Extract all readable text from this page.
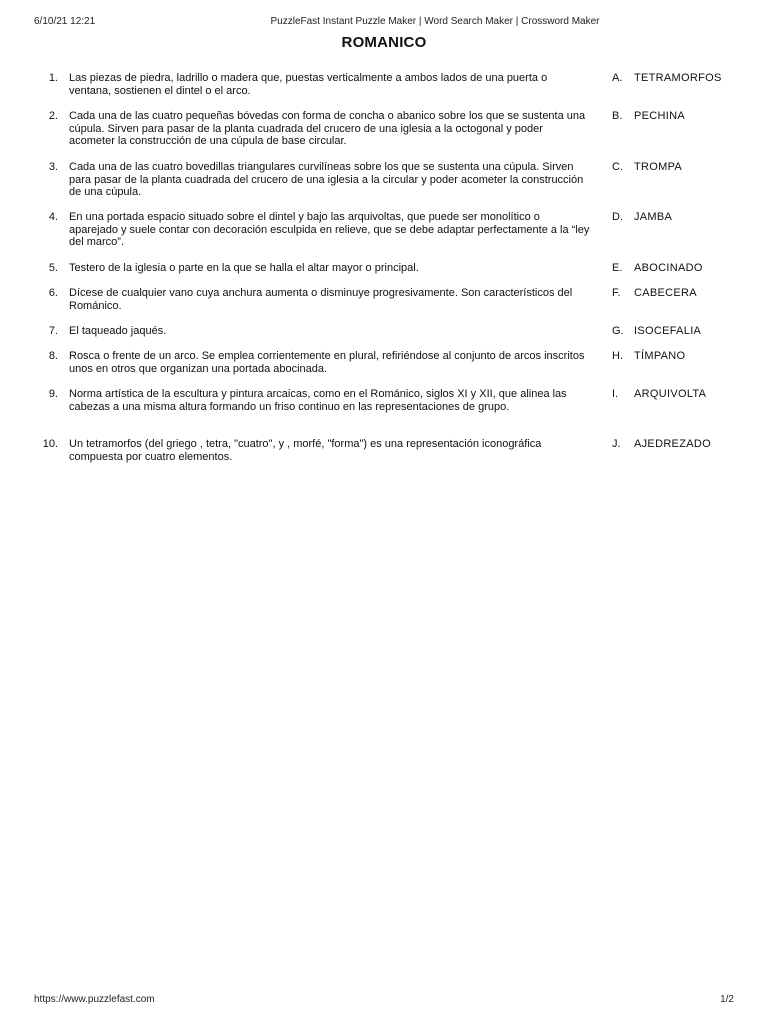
6/10/21 12:21	PuzzleFast Instant Puzzle Maker | Word Search Maker | Crossword Maker
ROMANICO
1. Las piezas de piedra, ladrillo o madera que, puestas verticalmente a ambos lados de una puerta o ventana, sostienen el dintel o el arco.
A. TETRAMORFOS
2. Cada una de las cuatro pequeñas bóvedas con forma de concha o abanico sobre los que se sustenta una cúpula. Sirven para pasar de la planta cuadrada del crucero de una iglesia a la octogonal y poder acometer la construcción de una cúpula de base circular.
B. PECHINA
3. Cada una de las cuatro bovedillas triangulares curvilíneas sobre los que se sustenta una cúpula. Sirven para pasar de la planta cuadrada del crucero de una iglesia a la circular y poder acometer la construcción de una cúpula.
C. TROMPA
4. En una portada espacio situado sobre el dintel y bajo las arquivoltas, que puede ser monolítico o aparejado y suele contar con decoración esculpida en relieve, que se debe adaptar perfectamente a la “ley del marco”.
D. JAMBA
5. Testero de la iglesia o parte en la que se halla el altar mayor o principal.	E. ABOCINADO
6. Dícese de cualquier vano cuya anchura aumenta o disminuye progresivamente. Son característicos del Románico.
F. CABECERA
7. El taqueado jaqués.	G. ISOCEFALIA
8. Rosca o frente de un arco. Se emplea corrientemente en plural, refiriéndose al conjunto de arcos inscritos unos en otros que organizan una portada abocinada.
H. TÍMPANO
9. Norma artística de la escultura y pintura arcaicas, como en el Románico, siglos XI y XII, que alinea las cabezas a una misma altura formando un friso continuo en las representaciones de grupo.
I. ARQUIVOLTA
10. Un tetramorfos (del griego , tetra, "cuatro", y , morfé, "forma") es una representación iconográfica compuesta por cuatro elementos.
J. AJEDREZADO
https://www.puzzlefast.com	1/2
